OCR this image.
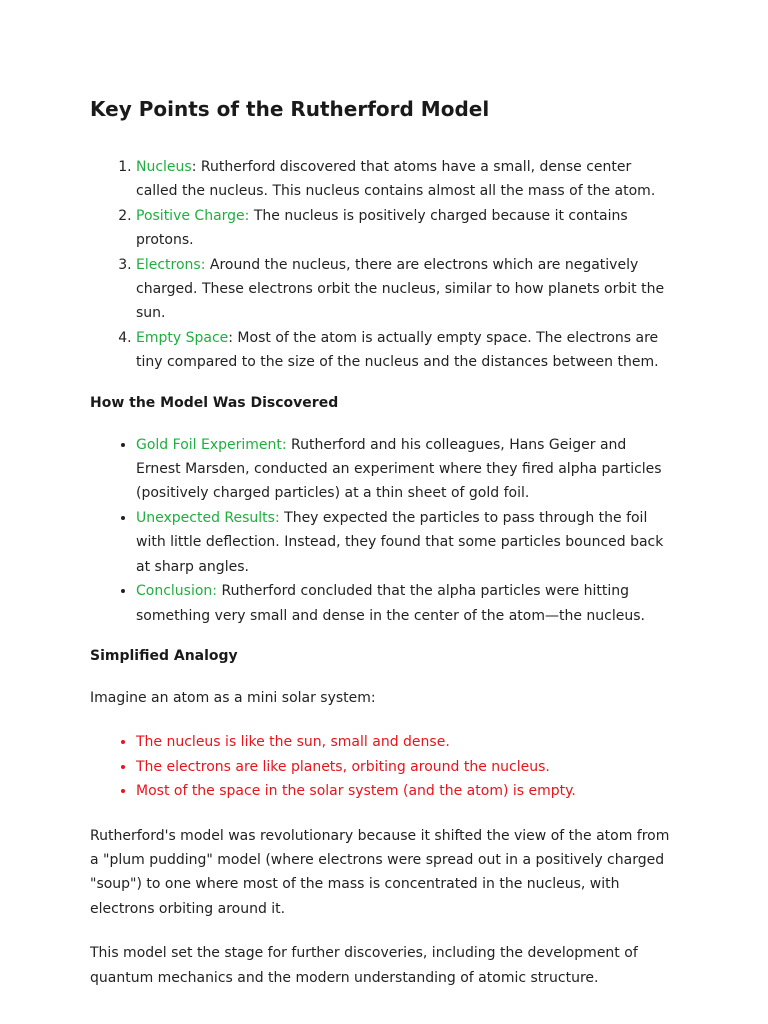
Key Points of the Rutherford Model
1. Nucleus: Rutherford discovered that atoms have a small, dense center called the nucleus. This nucleus contains almost all the mass of the atom.
2. Positive Charge: The nucleus is positively charged because it contains protons.
3. Electrons: Around the nucleus, there are electrons which are negatively charged. These electrons orbit the nucleus, similar to how planets orbit the sun.
4. Empty Space: Most of the atom is actually empty space. The electrons are tiny compared to the size of the nucleus and the distances between them.
How the Model Was Discovered
• Gold Foil Experiment: Rutherford and his colleagues, Hans Geiger and Ernest Marsden, conducted an experiment where they fired alpha particles (positively charged particles) at a thin sheet of gold foil.
• Unexpected Results: They expected the particles to pass through the foil with little deflection. Instead, they found that some particles bounced back at sharp angles.
• Conclusion: Rutherford concluded that the alpha particles were hitting something very small and dense in the center of the atom—the nucleus.
Simplified Analogy

Imagine an atom as a mini solar system:

• The nucleus is like the sun, small and dense.
• The electrons are like planets, orbiting around the nucleus.
• Most of the space in the solar system (and the atom) is empty.

Rutherford's model was revolutionary because it shifted the view of the atom from a "plum pudding" model (where electrons were spread out in a positively charged "soup") to one where most of the mass is concentrated in the nucleus, with electrons orbiting around it.

This model set the stage for further discoveries, including the development of quantum mechanics and the modern understanding of atomic structure.
